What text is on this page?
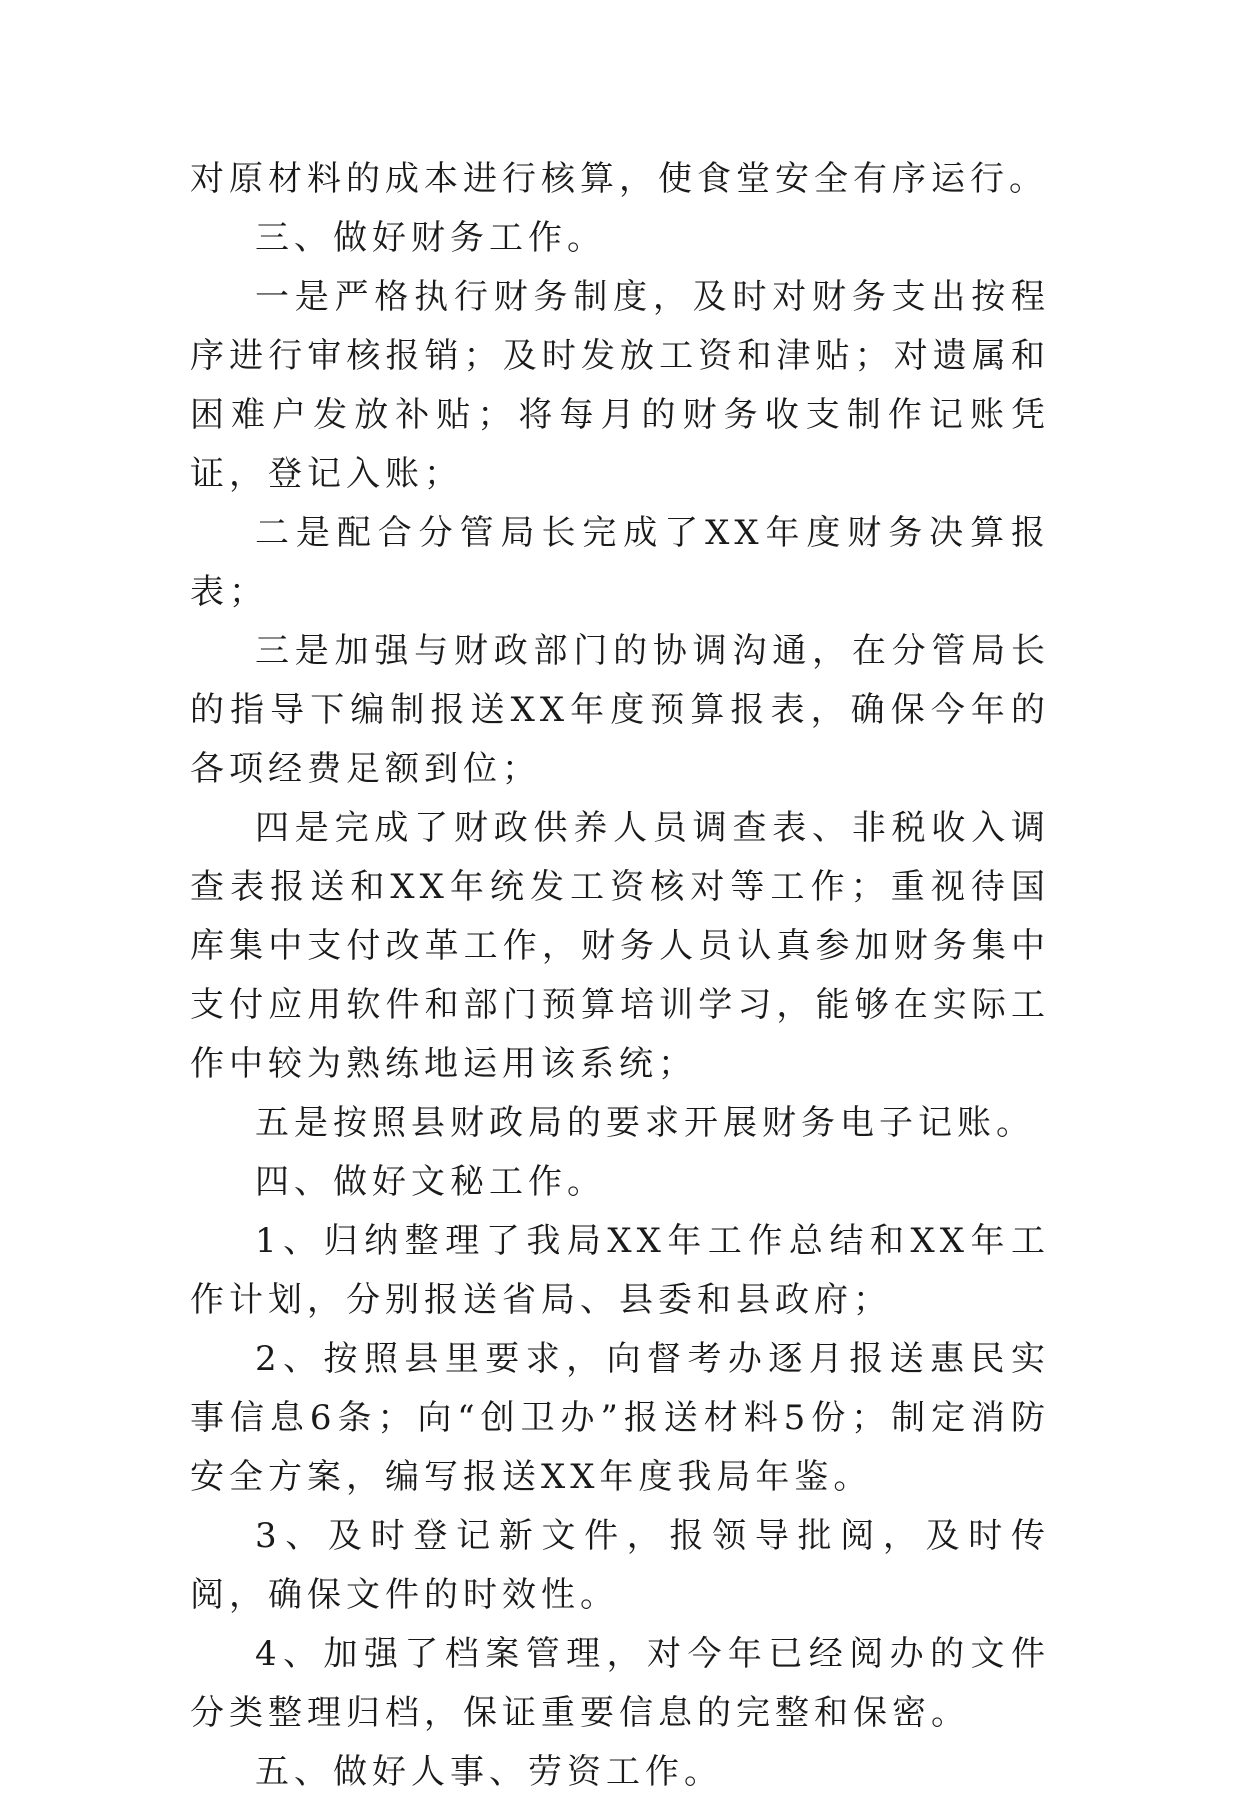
对原材料的成本进行核算，使食堂安全有序运行。

三、做好财务工作。

一是严格执行财务制度，及时对财务支出按程序进行审核报销；及时发放工资和津贴；对遗属和困难户发放补贴；将每月的财务收支制作记账凭证，登记入账；

二是配合分管局长完成了XX年度财务决算报表；

三是加强与财政部门的协调沟通，在分管局长的指导下编制报送XX年度预算报表，确保今年的各项经费足额到位；

四是完成了财政供养人员调查表、非税收入调查表报送和XX年统发工资核对等工作；重视待国库集中支付改革工作，财务人员认真参加财务集中支付应用软件和部门预算培训学习，能够在实际工作中较为熟练地运用该系统；

五是按照县财政局的要求开展财务电子记账。

四、做好文秘工作。

1、归纳整理了我局XX年工作总结和XX年工作计划，分别报送省局、县委和县政府；

2、按照县里要求，向督考办逐月报送惠民实事信息6条；向“创卫办”报送材料5份；制定消防安全方案，编写报送XX年度我局年鉴。

3、及时登记新文件，报领导批阅，及时传阅，确保文件的时效性。

4、加强了档案管理，对今年已经阅办的文件分类整理归档，保证重要信息的完整和保密。

五、做好人事、劳资工作。
